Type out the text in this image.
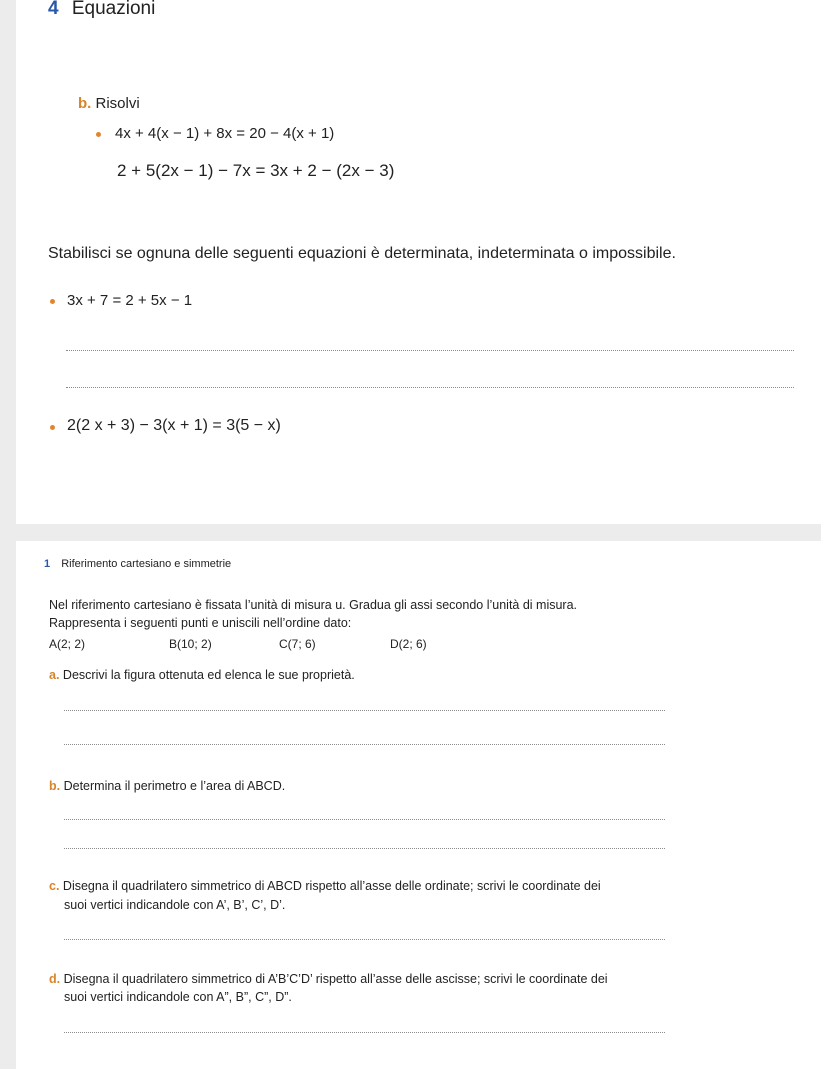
4 Equazioni
b. Risolvi
4x + 4(x − 1) + 8x = 20 − 4(x + 1)
2 + 5(2x − 1) − 7x = 3x + 2 − (2x − 3)
Stabilisci se ognuna delle seguenti equazioni è determinata, indeterminata o impossibile.
3x + 7 = 2 + 5x − 1
2(2 x + 3) − 3(x + 1) = 3(5 − x)
1 Riferimento cartesiano e simmetrie
Nel riferimento cartesiano è fissata l’unità di misura u. Gradua gli assi secondo l’unità di misura.
Rappresenta i seguenti punti e uniscili nell’ordine dato:
A(2; 2)	B(10; 2)	C(7; 6)	D(2; 6)
a. Descrivi la figura ottenuta ed elenca le sue proprietà.
b. Determina il perimetro e l’area di ABCD.
c. Disegna il quadrilatero simmetrico di ABCD rispetto all’asse delle ordinate; scrivi le coordinate dei
suoi vertici indicandole con A’, B’, C’, D’.
d. Disegna il quadrilatero simmetrico di A’B’C’D’ rispetto all’asse delle ascisse; scrivi le coordinate dei
suoi vertici indicandole con A”, B”, C”, D”.
